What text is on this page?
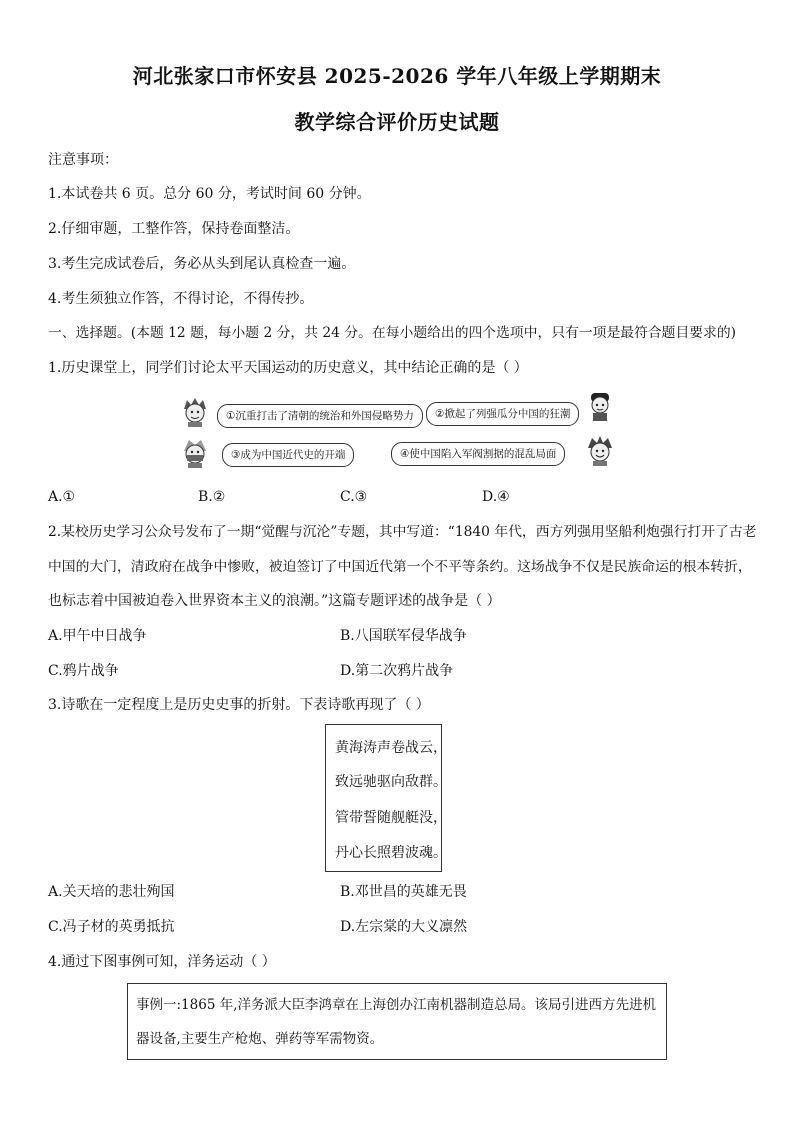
河北张家口市怀安县 2025-2026 学年八年级上学期期末
教学综合评价历史试题
注意事项：
1.本试卷共 6 页。总分 60 分，考试时间 60 分钟。
2.仔细审题，工整作答，保持卷面整洁。
3.考生完成试卷后，务必从头到尾认真检查一遍。
4.考生须独立作答，不得讨论，不得传抄。
一、选择题。(本题 12 题，每小题 2 分，共 24 分。在每小题给出的四个选项中，只有一项是最符合题目要求的)
1.历史课堂上，同学们讨论太平天国运动的历史意义，其中结论正确的是（ ）
①沉重打击了清朝的统治和外国侵略势力	②掀起了列强瓜分中国的狂潮
③成为中国近代史的开端	④使中国陷入军阀割据的混乱局面
A.①	B.②	C.③	D.④
2.某校历史学习公众号发布了一期“觉醒与沉沦”专题，其中写道：“1840 年代，西方列强用坚船利炮强行打开了古老
中国的大门，清政府在战争中惨败，被迫签订了中国近代第一个不平等条约。这场战争不仅是民族命运的根本转折，
也标志着中国被迫卷入世界资本主义的浪潮。”这篇专题评述的战争是（ ）
A.甲午中日战争	B.八国联军侵华战争
C.鸦片战争	D.第二次鸦片战争
3.诗歌在一定程度上是历史史事的折射。下表诗歌再现了（ ）
黄海涛声卷战云，
致远驰驱向敌群。
管带誓随舰艇没，
丹心长照碧波魂。
A.关天培的悲壮殉国	B.邓世昌的英雄无畏
C.冯子材的英勇抵抗	D.左宗棠的大义凛然
4.通过下图事例可知，洋务运动（ ）
事例一:1865 年,洋务派大臣李鸿章在上海创办江南机器制造总局。该局引进西方先进机
器设备,主要生产枪炮、弹药等军需物资。
